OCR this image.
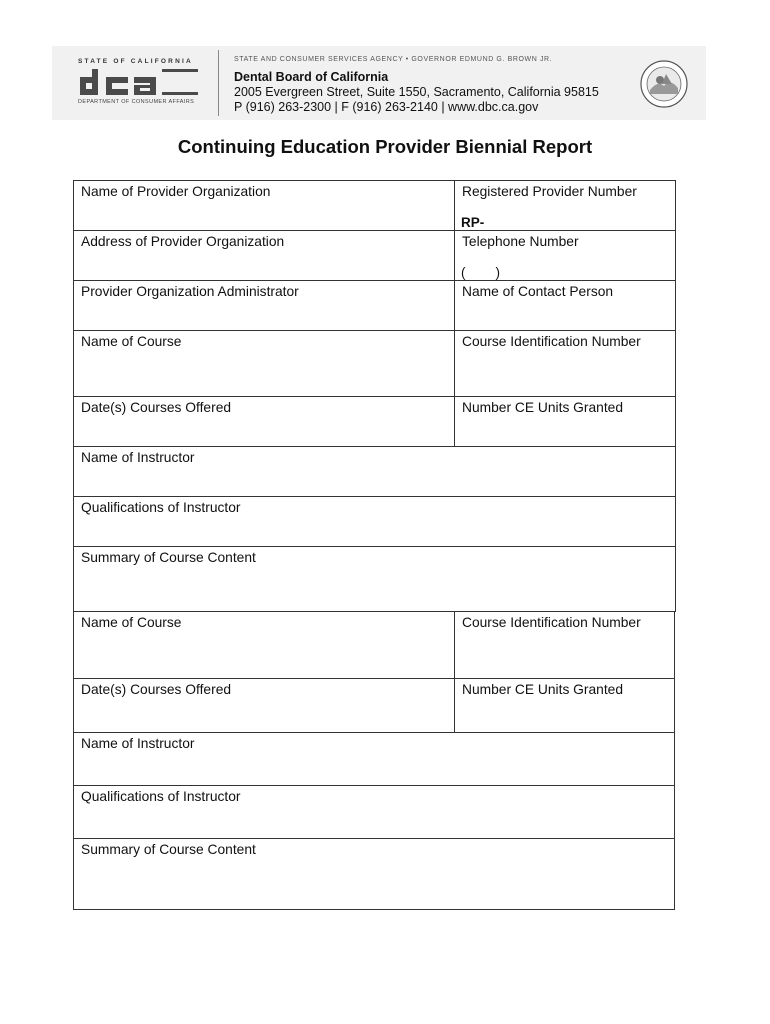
STATE OF CALIFORNIA
DEPARTMENT OF CONSUMER AFFAIRS
STATE AND CONSUMER SERVICES AGENCY • GOVERNOR EDMUND G. BROWN JR.
Dental Board of California
2005 Evergreen Street, Suite 1550, Sacramento, California 95815
P (916) 263-2300 | F (916) 263-2140 | www.dbc.ca.gov
Continuing Education Provider Biennial Report
Name of Provider Organization	Registered Provider Number
RP-
Address of Provider Organization	Telephone Number
(        )
Provider Organization Administrator	Name of Contact Person
Name of Course	Course Identification Number
Date(s) Courses Offered	Number CE Units Granted
Name of Instructor
Qualifications of Instructor
Summary of Course Content
Name of Course	Course Identification Number
Date(s) Courses Offered	Number CE Units Granted
Name of Instructor
Qualifications of Instructor
Summary of Course Content
